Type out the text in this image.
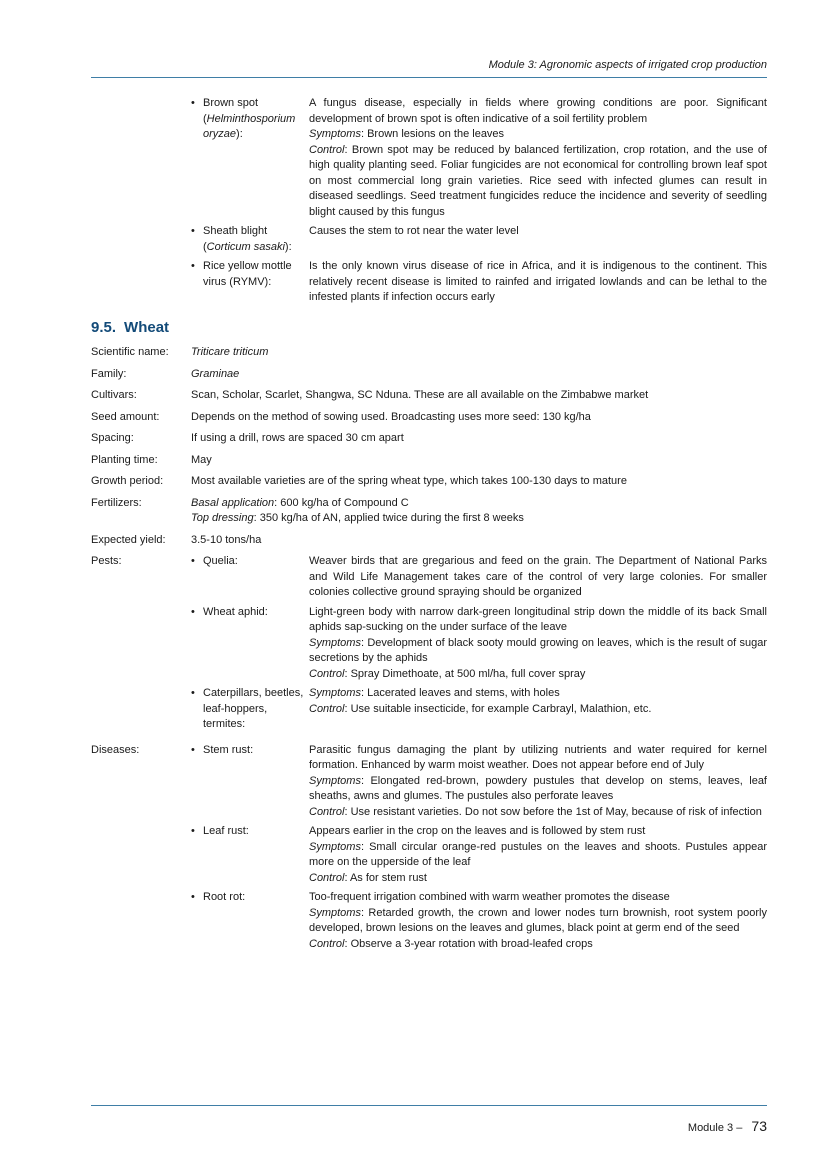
Module 3: Agronomic aspects of irrigated crop production
• Brown spot (Helminthosporium oryzae):
A fungus disease, especially in fields where growing conditions are poor. Significant development of brown spot is often indicative of a soil fertility problem
Symptoms: Brown lesions on the leaves
Control: Brown spot may be reduced by balanced fertilization, crop rotation, and the use of high quality planting seed. Foliar fungicides are not economical for controlling brown leaf spot on most commercial long grain varieties. Rice seed with infected glumes can result in diseased seedlings. Seed treatment fungicides reduce the incidence and severity of seedling blight caused by this fungus
• Sheath blight (Corticum sasaki):
Causes the stem to rot near the water level
• Rice yellow mottle virus (RYMV):
Is the only known virus disease of rice in Africa, and it is indigenous to the continent. This relatively recent disease is limited to rainfed and irrigated lowlands and can be lethal to the infested plants if infection occurs early
9.5. Wheat
Scientific name:	Triticare triticum
Family:	Graminae
Cultivars:	Scan, Scholar, Scarlet, Shangwa, SC Nduna. These are all available on the Zimbabwe market
Seed amount:	Depends on the method of sowing used. Broadcasting uses more seed: 130 kg/ha
Spacing:	If using a drill, rows are spaced 30 cm apart
Planting time:	May
Growth period:	Most available varieties are of the spring wheat type, which takes 100-130 days to mature
Fertilizers:	Basal application: 600 kg/ha of Compound C
Top dressing: 350 kg/ha of AN, applied twice during the first 8 weeks
Expected yield:	3.5-10 tons/ha
Pests:	• Quelia:	Weaver birds that are gregarious and feed on the grain. The Department of National Parks and Wild Life Management takes care of the control of very large colonies. For smaller colonies collective ground spraying should be organized
• Wheat aphid:	Light-green body with narrow dark-green longitudinal strip down the middle of its back Small aphids sap-sucking on the under surface of the leave
Symptoms: Development of black sooty mould growing on leaves, which is the result of sugar secretions by the aphids
Control: Spray Dimethoate, at 500 ml/ha, full cover spray
• Caterpillars, beetles, leaf-hoppers, termites:
Symptoms: Lacerated leaves and stems, with holes
Control: Use suitable insecticide, for example Carbrayl, Malathion, etc.
Diseases:	• Stem rust:	Parasitic fungus damaging the plant by utilizing nutrients and water required for kernel formation. Enhanced by warm moist weather. Does not appear before end of July
Symptoms: Elongated red-brown, powdery pustules that develop on stems, leaves, leaf sheaths, awns and glumes. The pustules also perforate leaves
Control: Use resistant varieties. Do not sow before the 1st of May, because of risk of infection
• Leaf rust:	Appears earlier in the crop on the leaves and is followed by stem rust
Symptoms: Small circular orange-red pustules on the leaves and shoots. Pustules appear more on the upperside of the leaf
Control: As for stem rust
• Root rot:	Too-frequent irrigation combined with warm weather promotes the disease
Symptoms: Retarded growth, the crown and lower nodes turn brownish, root system poorly developed, brown lesions on the leaves and glumes, black point at germ end of the seed
Control: Observe a 3-year rotation with broad-leafed crops
Module 3 – 73
